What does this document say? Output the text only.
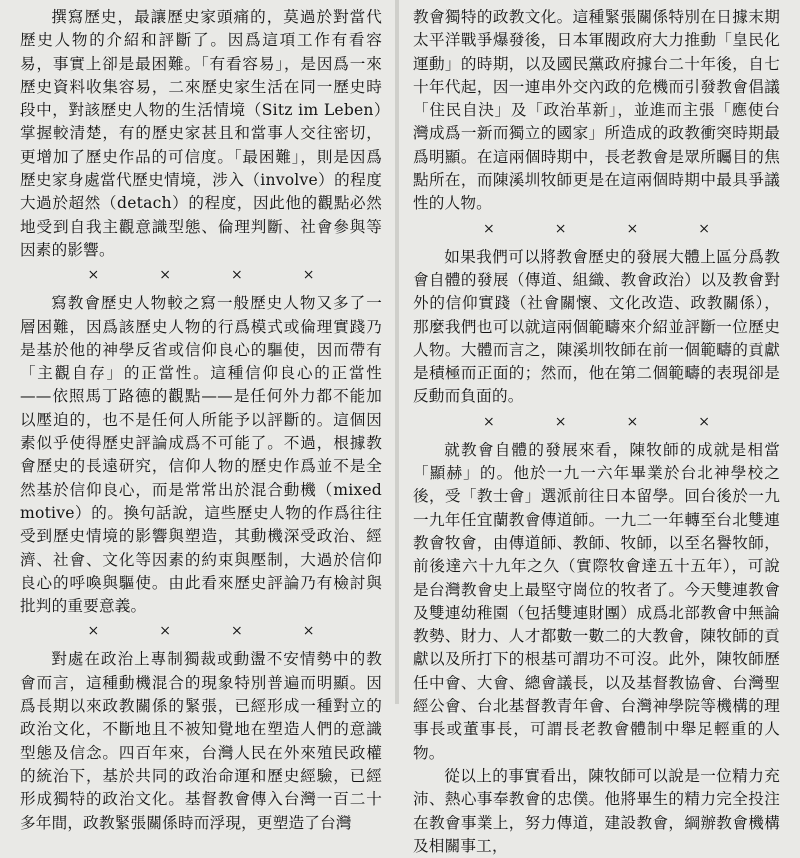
撰寫歷史，最讓歷史家頭痛的，莫過於對當代歷史人物的介紹和評斷了。因爲這項工作有看容易，事實上卻是最困難。「有看容易」，是因爲一來歷史資料收集容易，二來歷史家生活在同一歷史時段中，對該歷史人物的生活情境（Sitz im Leben）掌握較清楚，有的歷史家甚且和當事人交往密切，更增加了歷史作品的可信度。「最困難」，則是因爲歷史家身處當代歷史情境，涉入（involve）的程度大過於超然（detach）的程度，因此他的觀點必然地受到自我主觀意識型態、倫理判斷、社會參與等因素的影響。

×	×	×	×

寫教會歷史人物較之寫一般歷史人物又多了一層困難，因爲該歷史人物的行爲模式或倫理實踐乃是基於他的神學反省或信仰良心的驅使，因而帶有「主觀自存」的正當性。這種信仰良心的正當性——依照馬丁路德的觀點——是任何外力都不能加以壓迫的，也不是任何人所能予以評斷的。這個因素似乎使得歷史評論成爲不可能了。不過，根據教會歷史的長遠研究，信仰人物的歷史作爲並不是全然基於信仰良心，而是常常出於混合動機（mixed motive）的。換句話說，這些歷史人物的作爲往往受到歷史情境的影響與塑造，其動機深受政治、經濟、社會、文化等因素的約束與壓制，大過於信仰良心的呼喚與驅使。由此看來歷史評論乃有檢討與批判的重要意義。

×	×	×	×

對處在政治上專制獨裁或動盪不安情勢中的教會而言，這種動機混合的現象特別普遍而明顯。因爲長期以來政教關係的緊張，已經形成一種對立的政治文化，不斷地且不被知覺地在塑造人們的意識型態及信念。四百年來，台灣人民在外來殖民政權的統治下，基於共同的政治命運和歷史經驗，已經形成獨特的政治文化。基督教會傳入台灣一百二十多年間，政教緊張關係時而浮現，更塑造了台灣

教會獨特的政教文化。這種緊張關係特別在日據末期太平洋戰爭爆發後，日本軍閥政府大力推動「皇民化運動」的時期，以及國民黨政府據台二十年後，自七十年代起，因一連串外交內政的危機而引發教會倡議「住民自決」及「政治革新」，並進而主張「應使台灣成爲一新而獨立的國家」所造成的政教衝突時期最爲明顯。在這兩個時期中，長老教會是眾所矚目的焦點所在，而陳溪圳牧師更是在這兩個時期中最具爭議性的人物。

×	×	×	×

如果我們可以將教會歷史的發展大體上區分爲教會自體的發展（傳道、組織、教會政治）以及教會對外的信仰實踐（社會關懷、文化改造、政教關係），那麼我們也可以就這兩個範疇來介紹並評斷一位歷史人物。大體而言之，陳溪圳牧師在前一個範疇的貢獻是積極而正面的；然而，他在第二個範疇的表現卻是反動而負面的。

×	×	×	×

就教會自體的發展來看，陳牧師的成就是相當「顯赫」的。他於一九一六年畢業於台北神學校之後，受「教士會」選派前往日本留學。回台後於一九一九年任宜蘭教會傳道師。一九二一年轉至台北雙連教會牧會，由傳道師、教師、牧師，以至名譽牧師，前後達六十九年之久（實際牧會達五十五年），可說是台灣教會史上最堅守崗位的牧者了。今天雙連教會及雙連幼稚園（包括雙連財團）成爲北部教會中無論教勢、財力、人才都數一數二的大教會，陳牧師的貢獻以及所打下的根基可謂功不可沒。此外，陳牧師歷任中會、大會、總會議長，以及基督教協會、台灣聖經公會、台北基督教青年會、台灣神學院等機構的理事長或董事長，可謂長老教會體制中舉足輕重的人物。

從以上的事實看出，陳牧師可以說是一位精力充沛、熱心事奉教會的忠僕。他將畢生的精力完全投注在教會事業上，努力傳道，建設教會，綱辦教會機構及相關事工，
